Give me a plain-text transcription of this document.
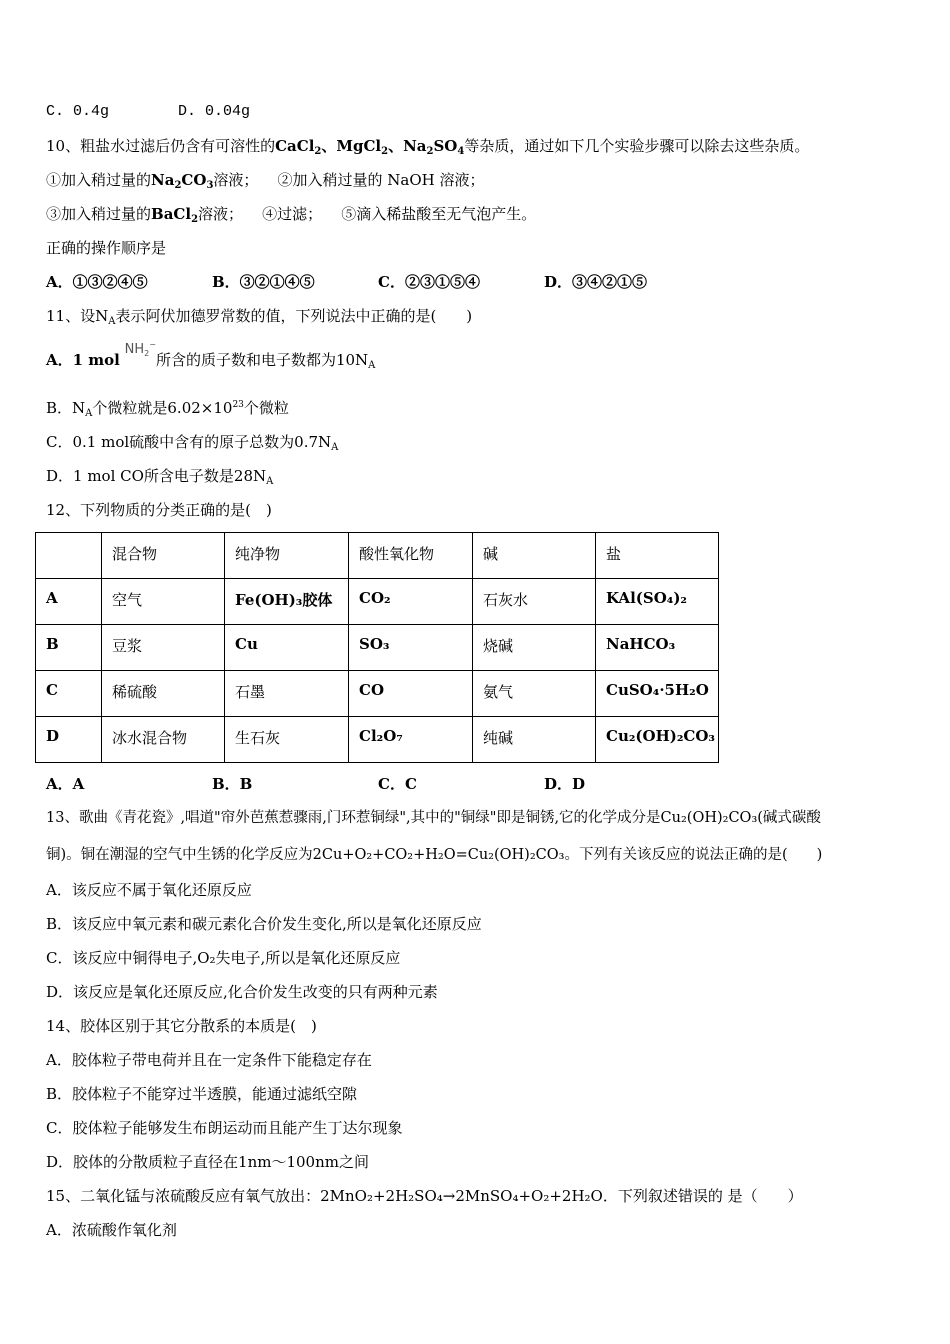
C. 0.4g	D. 0.04g
10、粗盐水过滤后仍含有可溶性的CaCl$_2$、MgCl$_2$、$Na_2SO_4$等杂质，通过如下几个实验步骤可以除去这些杂质。
①加入稍过量的$Na_2CO_3$溶液； ②加入稍过量的 NaOH 溶液；
③加入稍过量的BaCl$_2$溶液； ④过滤； ⑤滴入稀盐酸至无气泡产生。
正确的操作顺序是
A．①③②④⑤	B．③②①④⑤	C．②③①⑤④	D．③④②①⑤
11、设$N_A$表示阿伏加德罗常数的值，下列说法中正确的是(　　)
A．1 mol $NH_2^-$所含的质子数和电子数都为$10N_A$
B．$N_A$个微粒就是$6.02\times 10^{23}$个微粒
C．0.1 mol硫酸中含有的原子总数为$0.7N_A$
D．1 mol CO所含电子数是$28N_A$
12、下列物质的分类正确的是(　)
	混合物	纯净物	酸性氧化物	碱	盐
A	空气	Fe(OH)₃胶体	CO₂	石灰水	KAl(SO₄)₂
B	豆浆	Cu	SO₃	烧碱	NaHCO₃
C	稀硫酸	石墨	CO	氨气	CuSO₄·5H₂O
D	冰水混合物	生石灰	Cl₂O₇	纯碱	Cu₂(OH)₂CO₃
A．A	B．B	C．C	D．D
13、歌曲《青花瓷》,唱道"帘外芭蕉惹骤雨,门环惹铜绿",其中的"铜绿"即是铜锈,它的化学成分是Cu₂(OH)₂CO₃(碱式碳酸
铜)。铜在潮湿的空气中生锈的化学反应为2Cu+O₂+CO₂+H₂O=Cu₂(OH)₂CO₃。下列有关该反应的说法正确的是(　　)
A．该反应不属于氧化还原反应
B．该反应中氧元素和碳元素化合价发生变化,所以是氧化还原反应
C．该反应中铜得电子,O₂失电子,所以是氧化还原反应
D．该反应是氧化还原反应,化合价发生改变的只有两种元素
14、胶体区别于其它分散系的本质是(　)
A．胶体粒子带电荷并且在一定条件下能稳定存在
B．胶体粒子不能穿过半透膜，能通过滤纸空隙
C．胶体粒子能够发生布朗运动而且能产生丁达尔现象
D．胶体的分散质粒子直径在1nm～100nm之间
15、二氧化锰与浓硫酸反应有氧气放出：2MnO₂+2H₂SO₄→2MnSO₄+O₂+2H₂O．下列叙述错误的 是（　　）
A．浓硫酸作氧化剂
